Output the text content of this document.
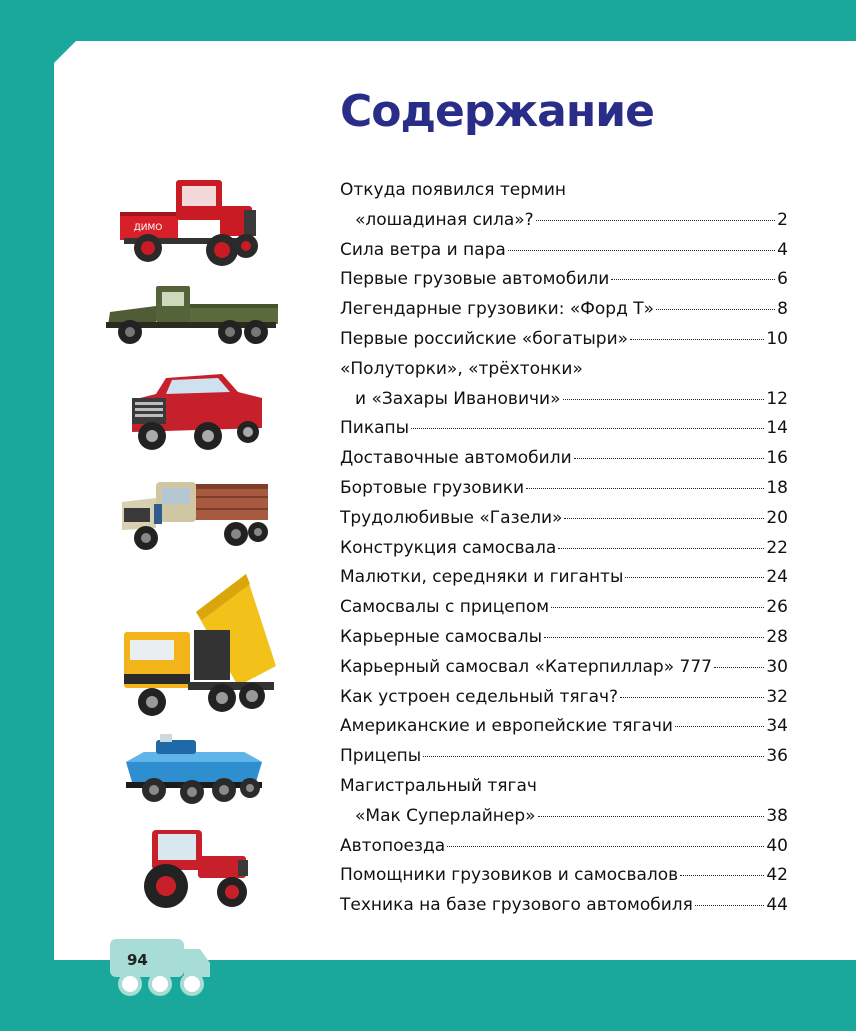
Содержание
Откуда появился термин
«лошадиная сила»?	2
Сила ветра и пара	4
Первые грузовые автомобили	6
Легендарные грузовики: «Форд Т»	8
Первые российские «богатыри»	10
«Полуторки», «трёхтонки»
и «Захары Ивановичи»	12
Пикапы	14
Доставочные автомобили	16
Бортовые грузовики	18
Трудолюбивые «Газели»	20
Конструкция самосвала	22
Малютки, середняки и гиганты	24
Самосвалы с прицепом	26
Карьерные самосвалы	28
Карьерный самосвал «Катерпиллар» 777	30
Как устроен седельный тягач?	32
Американские и европейские тягачи	34
Прицепы	36
Магистральный тягач
«Мак Суперлайнер»	38
Автопоезда	40
Помощники грузовиков и самосвалов	42
Техника на базе грузового автомобиля	44
ДИМО
94
